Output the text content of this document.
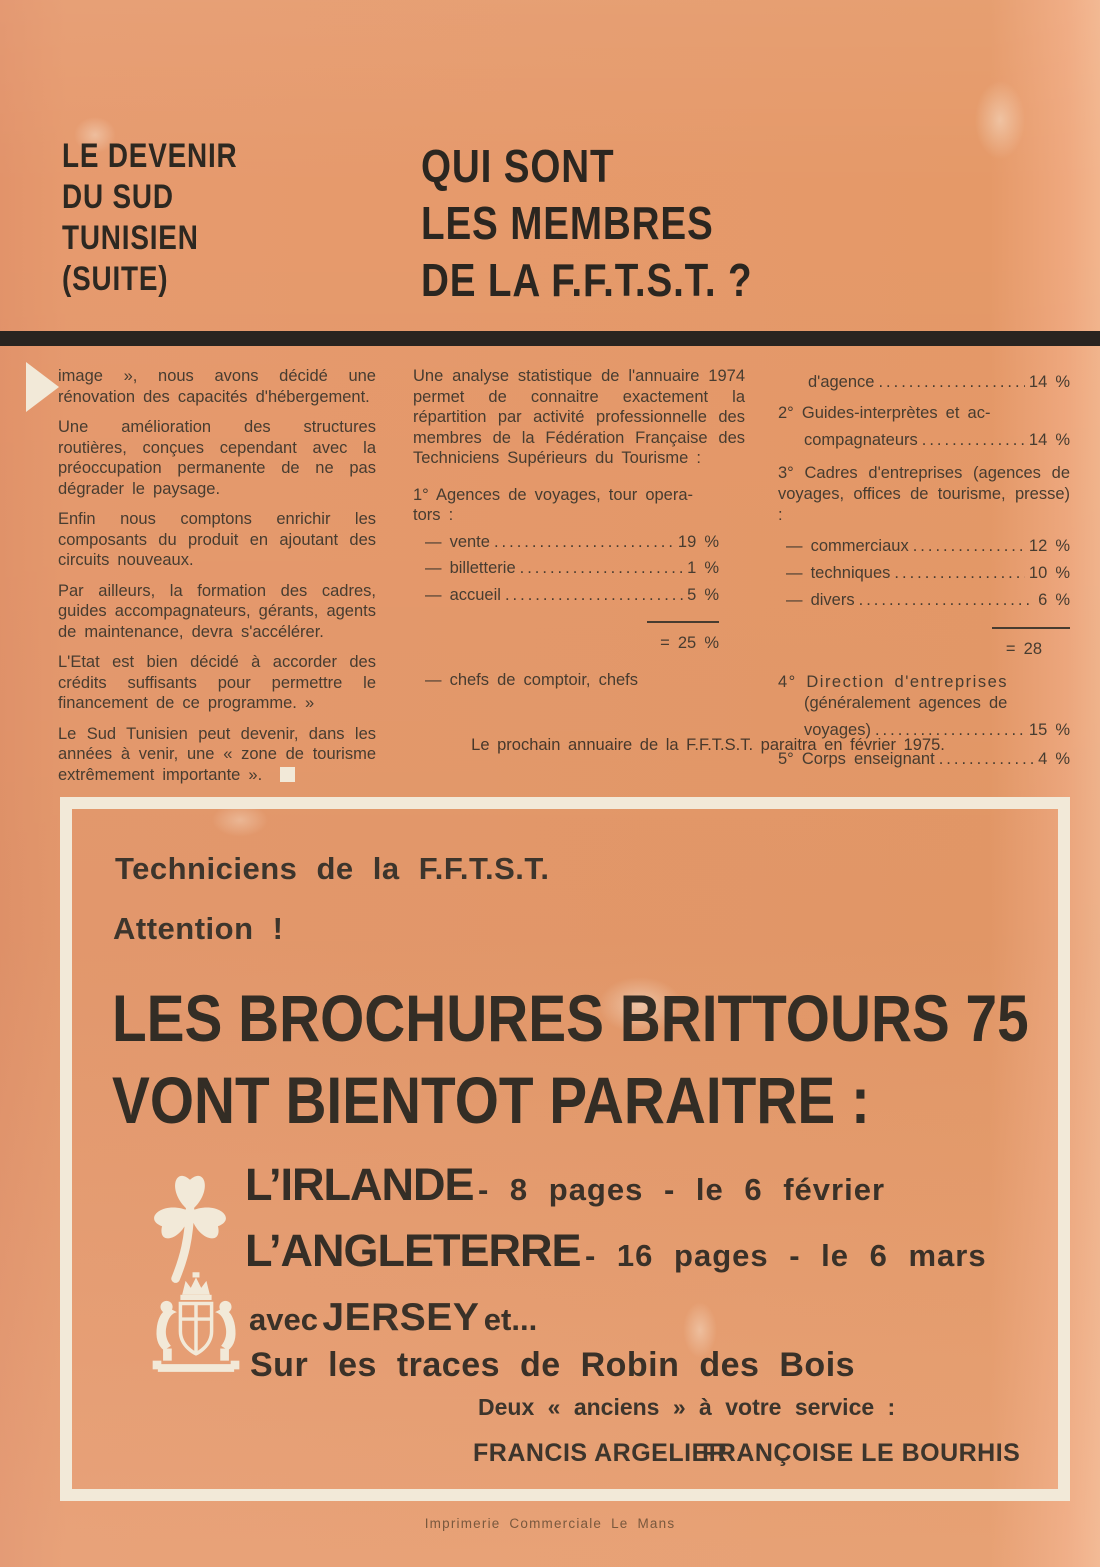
LE DEVENIR
DU SUD
TUNISIEN
(SUITE)
QUI SONT
LES MEMBRES
DE LA F.F.T.S.T. ?

image », nous avons décidé une rénovation des capacités d'hébergement.

Une amélioration des structures routières, conçues cependant avec la préoccupation permanente de ne pas dégrader le paysage.

Enfin nous comptons enrichir les composants du produit en ajoutant des circuits nouveaux.

Par ailleurs, la formation des cadres, guides accompagnateurs, gérants, agents de maintenance, devra s'accélérer.

L'Etat est bien décidé à accorder des crédits suffisants pour permettre le financement de ce programme. »

Le Sud Tunisien peut devenir, dans les années à venir, une « zone de tourisme extrêmement importante ».

Une analyse statistique de l'annuaire 1974 permet de connaitre exactement la répartition par activité professionnelle des membres de la Fédération Française des Techniciens Supérieurs du Tourisme :

1° Agences de voyages, tour opera-
tors :
— vente .....	19 %
— billetterie .....	1 %
— accueil .....	5 %
= 25 %
— chefs de comptoir, chefs
d'agence .....	14 %
2° Guides-interprètes et ac-
compagnateurs .....	14 %

3° Cadres d'entreprises (agences de voyages, offices de tourisme, presse) :

— commerciaux .....	12 %
— techniques .....	10 %
— divers .....	6 %
= 28
4° Direction d'entreprises
(généralement agences de
voyages) .....	15 %
5° Corps enseignant .....	4 %
Le prochain annuaire de la F.F.T.S.T. paraitra en février 1975.
Techniciens de la F.F.T.S.T.
Attention !
LES BROCHURES BRITTOURS 75
VONT BIENTOT PARAITRE :
L’IRLANDE - 8 pages - le 6 février
L’ANGLETERRE - 16 pages - le 6 mars
avec JERSEY et...
Sur les traces de Robin des Bois
Deux « anciens » à votre service :
FRANCIS ARGELIER
FRANÇOISE LE BOURHIS
Imprimerie Commerciale Le Mans
